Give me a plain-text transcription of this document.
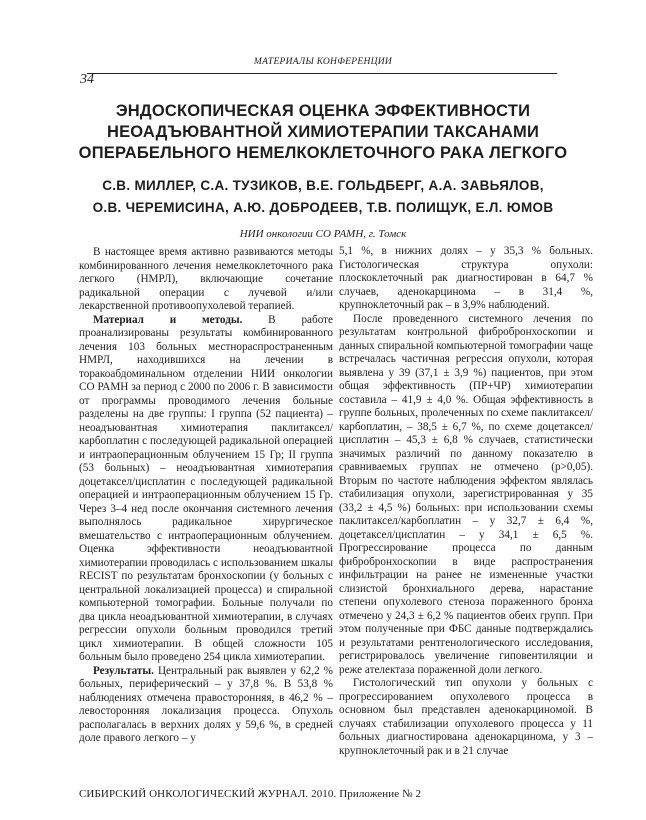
МАТЕРИАЛЫ КОНФЕРЕНЦИИ
34
ЭНДОСКОПИЧЕСКАЯ ОЦЕНКА ЭФФЕКТИВНОСТИ
НЕОАДЪЮВАНТНОЙ ХИМИОТЕРАПИИ ТАКСАНАМИ
ОПЕРАБЕЛЬНОГО НЕМЕЛКОКЛЕТОЧНОГО РАКА ЛЕГКОГО
С.В. МИЛЛЕР, С.А. ТУЗИКОВ, В.Е. ГОЛЬДБЕРГ, А.А. ЗАВЬЯЛОВ,
О.В. ЧЕРЕМИСИНА, А.Ю. ДОБРОДЕЕВ, Т.В. ПОЛИЩУК, Е.Л. ЮМОВ
НИИ онкологии СО РАМН, г. Томск

В настоящее время активно развиваются методы комбинированного лечения немелкоклеточного рака легкого (НМРЛ), включающие сочетание радикальной операции с лучевой и/или лекарственной противоопухолевой терапией.

Материал и методы. В работе проанализированы результаты комбинированного лечения 103 больных местнораспространенным НМРЛ, находившихся на лечении в торакоабдоминальном отделении НИИ онкологии СО РАМН за период с 2000 по 2006 г. В зависимости от программы проводимого лечения больные разделены на две группы: I группа (52 пациента) – неоадъювантная химиотерапия паклитаксел/карбоплатин с последующей радикальной операцией и интраоперационным облучением 15 Гр; II группа (53 больных) – неоадъювантная химиотерапия доцетаксел/цисплатин с последующей радикальной операцией и интраоперационным облучением 15 Гр. Через 3–4 нед после окончания системного лечения выполнялось радикальное хирургическое вмешательство с интраоперационным облучением. Оценка эффективности неоадъювантной химиотерапии проводилась с использованием шкалы RECIST по результатам бронхоскопии (у больных с центральной локализацией процесса) и спиральной компьютерной томографии. Больные получали по два цикла неоадъювантной химиотерапии, в случаях регрессии опухоли больным проводился третий цикл химиотерапии. В общей сложности 105 больным было проведено 254 цикла химиотерапии.

Результаты. Центральный рак выявлен у 62,2 % больных, периферический – у 37,8 %. В 53,8 % наблюдениях отмечена правосторонняя, в 46,2 % – левосторонняя локализация процесса. Опухоль располагалась в верхних долях у 59,6 %, в средней доле правого легкого – у

5,1 %, в нижних долях – у 35,3 % больных. Гистологическая структура опухоли: плоскоклеточный рак диагностирован в 64,7 % случаев, аденокарцинома – в 31,4 %, крупноклеточный рак – в 3,9% наблюдений.

После проведенного системного лечения по результатам контрольной фибробронхоскопии и данных спиральной компьютерной томографии чаще встречалась частичная регрессия опухоли, которая выявлена у 39 (37,1 ± 3,9 %) пациентов, при этом общая эффективность (ПР+ЧР) химиотерапии составила – 41,9 ± 4,0 %. Общая эффективность в группе больных, пролеченных по схеме паклитаксел/карбоплатин, – 38,5 ± 6,7 %, по схеме доцетаксел/цисплатин – 45,3 ± 6,8 % случаев, статистически значимых различий по данному показателю в сравниваемых группах не отмечено (p>0,05). Вторым по частоте наблюдения эффектом являлась стабилизация опухоли, зарегистрированная у 35 (33,2 ± 4,5 %) больных: при использовании схемы паклитаксел/карбоплатин – у 32,7 ± 6,4 %, доцетаксел/цисплатин – у 34,1 ± 6,5 %. Прогрессирование процесса по данным фибробронхоскопии в виде распространения инфильтрации на ранее не измененные участки слизистой бронхиального дерева, нарастание степени опухолевого стеноза пораженного бронха отмечено у 24,3 ± 6,2 % пациентов обеих групп. При этом полученные при ФБС данные подтверждались и результатами рентгенологического исследования, регистрировалось увеличение гиповентиляции и реже ателектаза пораженной доли легкого.

Гистологический тип опухоли у больных с прогрессированием опухолевого процесса в основном был представлен аденокарциномой. В случаях стабилизации опухолевого процесса у 11 больных диагностирована аденокарцинома, у 3 – крупноклеточный рак и в 21 случае

СИБИРСКИЙ ОНКОЛОГИЧЕСКИЙ ЖУРНАЛ. 2010. Приложение № 2
